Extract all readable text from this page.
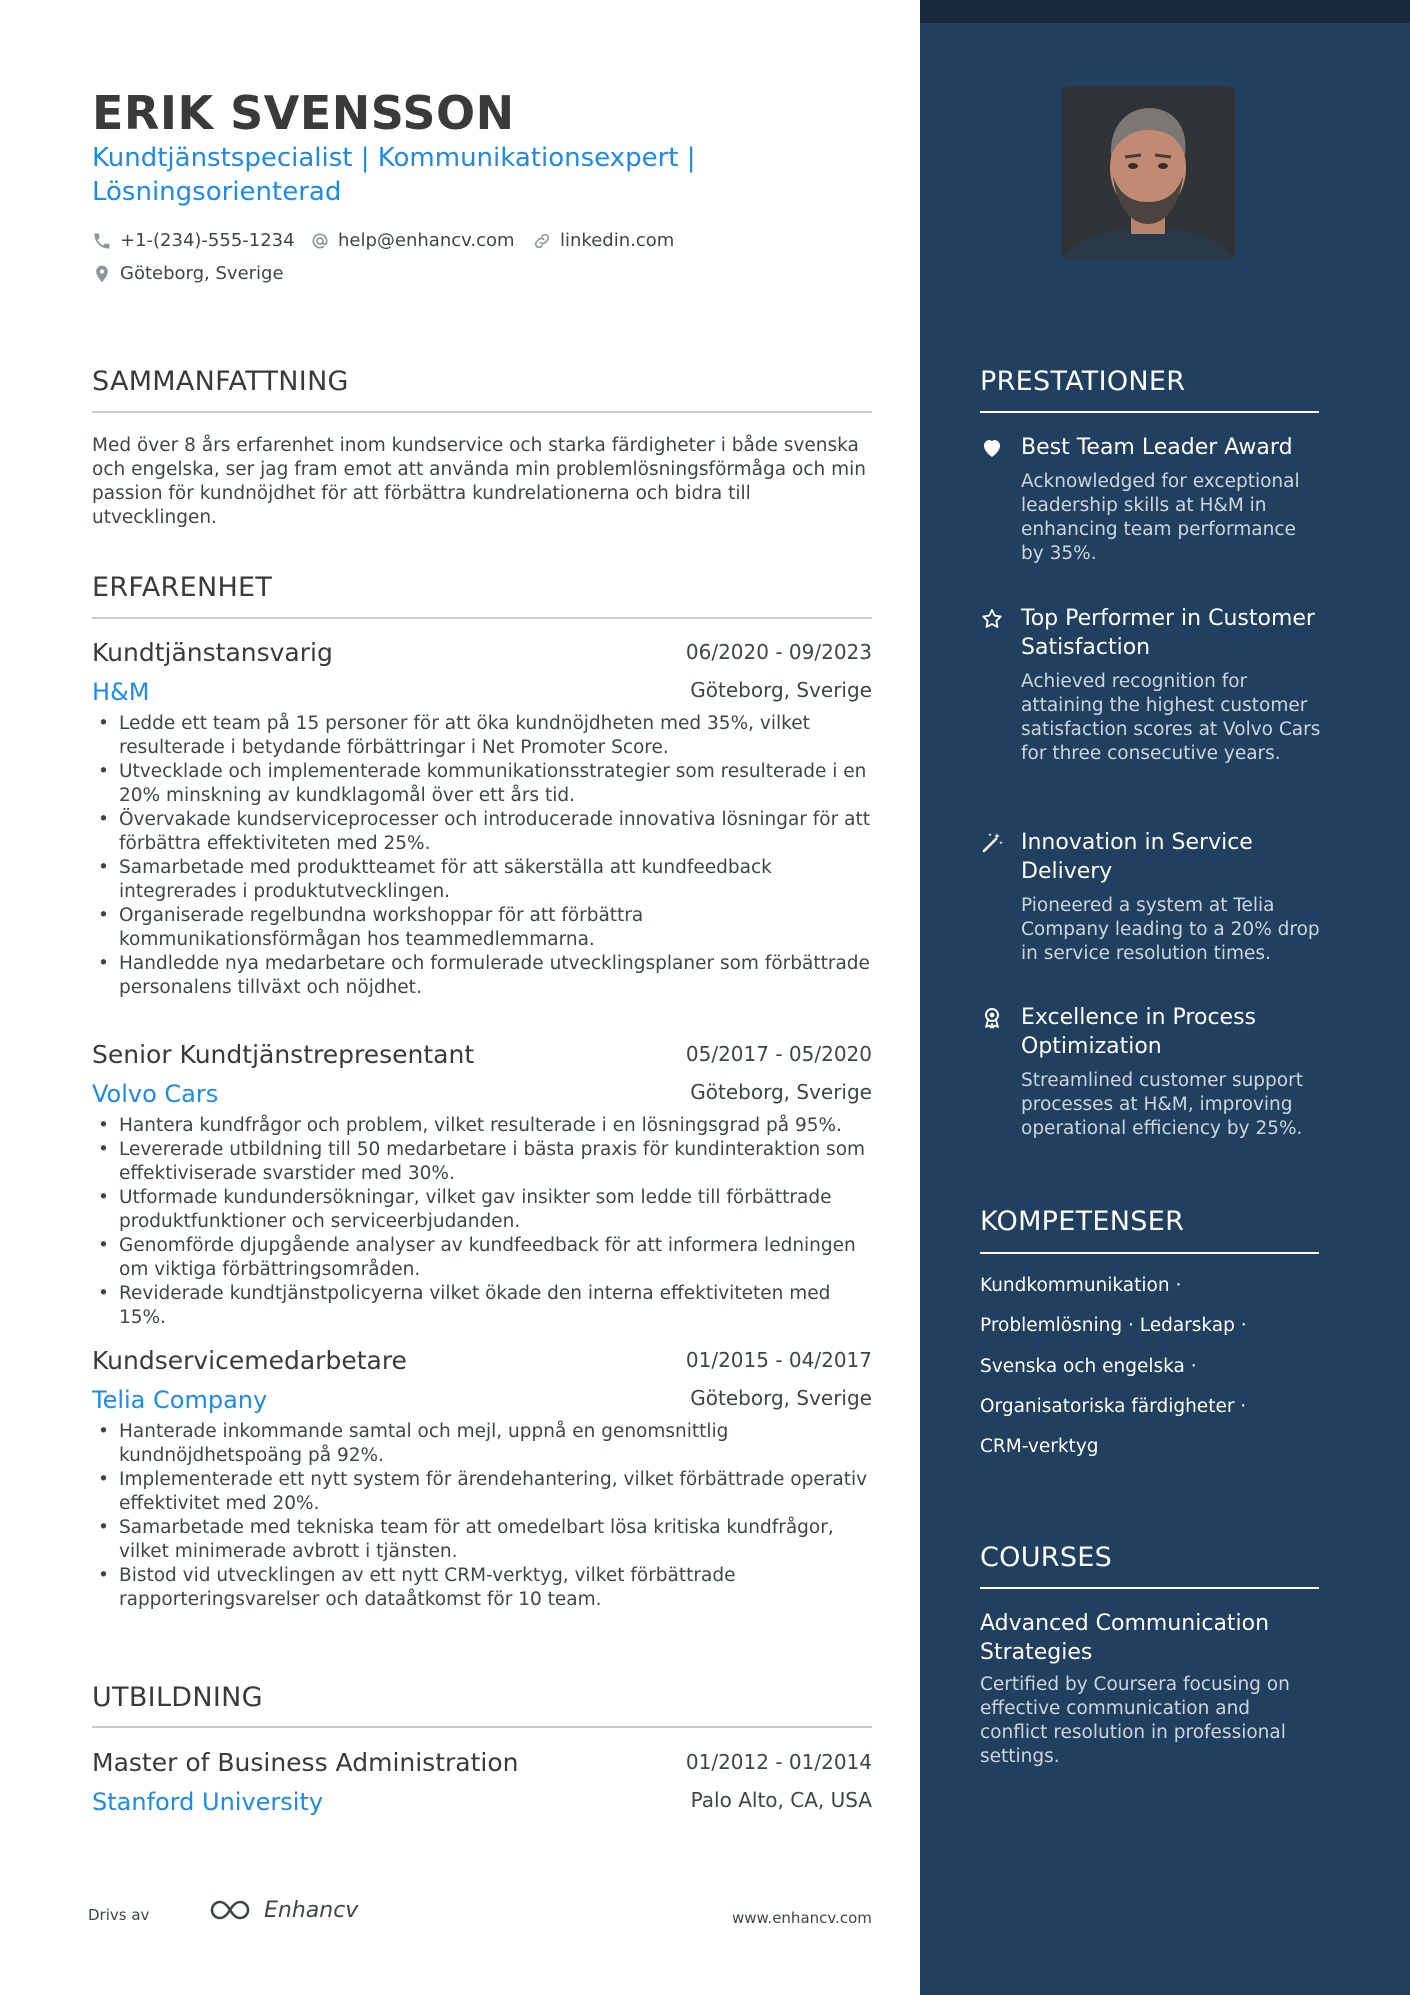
ERIK SVENSSON
Kundtjänstspecialist | Kommunikationsexpert |
Lösningsorienterad
+1-(234)-555-1234 help@enhancv.com	linkedin.com
Göteborg, Sverige
SAMMANFATTNING
Med över 8 års erfarenhet inom kundservice och starka färdigheter i både svenska och engelska, ser jag fram emot att använda min problemlösningsförmåga och min passion för kundnöjdhet för att förbättra kundrelationerna och bidra till utvecklingen.
ERFARENHET
Kundtjänstansvarig	06/2020 - 09/2023
H&M	Göteborg, Sverige
• Ledde ett team på 15 personer för att öka kundnöjdheten med 35%, vilket resulterade i betydande förbättringar i Net Promoter Score.
• Utvecklade och implementerade kommunikationsstrategier som resulterade i en 20% minskning av kundklagomål över ett års tid.
• Övervakade kundserviceprocesser och introducerade innovativa lösningar för att förbättra effektiviteten med 25%.
• Samarbetade med produktteamet för att säkerställa att kundfeedback integrerades i produktutvecklingen.
• Organiserade regelbundna workshoppar för att förbättra kommunikationsförmågan hos teammedlemmarna.
• Handledde nya medarbetare och formulerade utvecklingsplaner som förbättrade personalens tillväxt och nöjdhet.
Senior Kundtjänstrepresentant	05/2017 - 05/2020
Volvo Cars	Göteborg, Sverige
• Hantera kundfrågor och problem, vilket resulterade i en lösningsgrad på 95%.
• Levererade utbildning till 50 medarbetare i bästa praxis för kundinteraktion som effektiviserade svarstider med 30%.
• Utformade kundundersökningar, vilket gav insikter som ledde till förbättrade produktfunktioner och serviceerbjudanden.
• Genomförde djupgående analyser av kundfeedback för att informera ledningen om viktiga förbättringsområden.
• Reviderade kundtjänstpolicyerna vilket ökade den interna effektiviteten med 15%.
Kundservicemedarbetare	01/2015 - 04/2017
Telia Company	Göteborg, Sverige
• Hanterade inkommande samtal och mejl, uppnå en genomsnittlig kundnöjdhetspoäng på 92%.
• Implementerade ett nytt system för ärendehantering, vilket förbättrade operativ effektivitet med 20%.
• Samarbetade med tekniska team för att omedelbart lösa kritiska kundfrågor, vilket minimerade avbrott i tjänsten.
• Bistod vid utvecklingen av ett nytt CRM-verktyg, vilket förbättrade rapporteringsvarelser och dataåtkomst för 10 team.
UTBILDNING
Master of Business Administration	01/2012 - 01/2014
Stanford University	Palo Alto, CA, USA
Drivs av	Enhancv	www.enhancv.com
PRESTATIONER
Best Team Leader Award
Acknowledged for exceptional leadership skills at H&M in enhancing team performance by 35%.
Top Performer in Customer Satisfaction
Achieved recognition for attaining the highest customer satisfaction scores at Volvo Cars for three consecutive years.
Innovation in Service Delivery
Pioneered a system at Telia Company leading to a 20% drop in service resolution times.
Excellence in Process Optimization
Streamlined customer support processes at H&M, improving operational efficiency by 25%.
KOMPETENSER
Kundkommunikation ·
Problemlösning · Ledarskap ·
Svenska och engelska ·
Organisatoriska färdigheter ·
CRM-verktyg
COURSES
Advanced Communication Strategies
Certified by Coursera focusing on effective communication and conflict resolution in professional settings.
